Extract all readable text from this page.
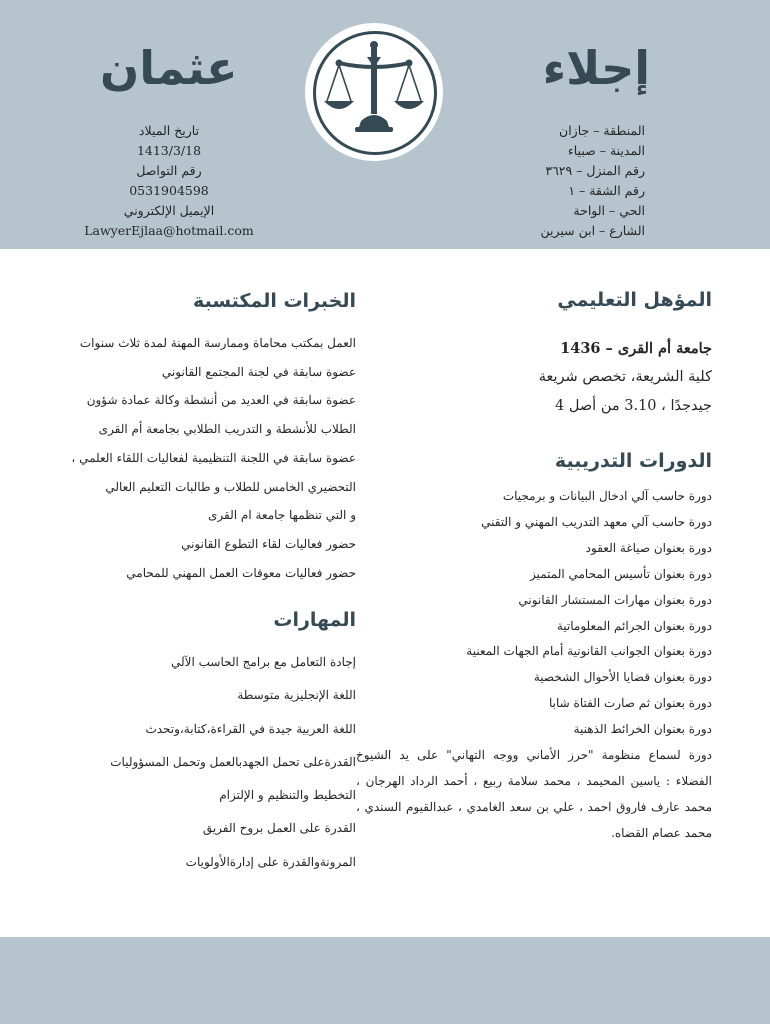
إجلاء
عثمان
المنطقة – جازان
المدينة – صبياء
رقم المنزل – ٣٦٢٩
رقم الشقة – ١
الحي – الواحة
الشارع – ابن سيرين
تاريخ الميلاد
1413/3/18
رقم التواصل
0531904598
الإيميل الإلكتروني
LawyerEjlaa@hotmail.com
المؤهل التعليمي
جامعة أم القرى – 1436
كلية الشريعة، تخصص شريعة
جيدجدًا ، 3.10 من أصل 4
الدورات التدريبية
دورة حاسب آلي ادخال البيانات و برمجيات
دورة حاسب آلي معهد التدريب المهني و التقني
دورة بعنوان صياغة العقود
دورة بعنوان تأسيس المحامي المتميز
دورة بعنوان مهارات المستشار القانوني
دورة بعنوان الجرائم المعلوماتية
دورة بعنوان الجوانب القانونية أمام الجهات المعنية
دورة بعنوان قضايا الأحوال الشخصية
دورة بعنوان ثم صارت الفتاة شابا
دورة بعنوان الخرائط الذهنية
دورة لسماع منظومة "حرز الأماني ووجه التهاني" على يد الشيوخ الفضلاء : ياسين المحيمد ، محمد سلامة ربيع ، أحمد الرداد الهرجان ، محمد عارف فاروق احمد ، علي بن سعد الغامدي ، عبدالقيوم السندي ، محمد عصام القضاه.
الخبرات المكتسبة
العمل بمكتب محاماة وممارسة المهنة لمدة ثلاث سنوات
عضوة سابقة في لجنة المجتمع القانوني
عضوة سابقة في العديد من أنشطة وكالة عمادة شؤون
الطلاب للأنشطة و التدريب الطلابي بجامعة أم القرى
عضوة سابقة في اللجنة التنظيمية لفعاليات اللقاء العلمي ،
التحضيري الخامس للطلاب و طالبات التعليم العالي
و التي تنظمها جامعة ام القرى
حضور فعاليات لقاء التطوع القانوني
حضور فعاليات معوقات العمل المهني للمحامي
المهارات
إجادة التعامل مع برامج الحاسب الآلي
اللغة الإنجليزية متوسطة
اللغة العربية جيدة في القراءة،كتابة،وتحدث
القدرةعلى تحمل الجهدبالعمل وتحمل المسؤوليات
التخطيط والتنظيم و الإلتزام
القدرة على العمل بروح الفريق
المرونةوالقدرة على إدارةالأولويات
